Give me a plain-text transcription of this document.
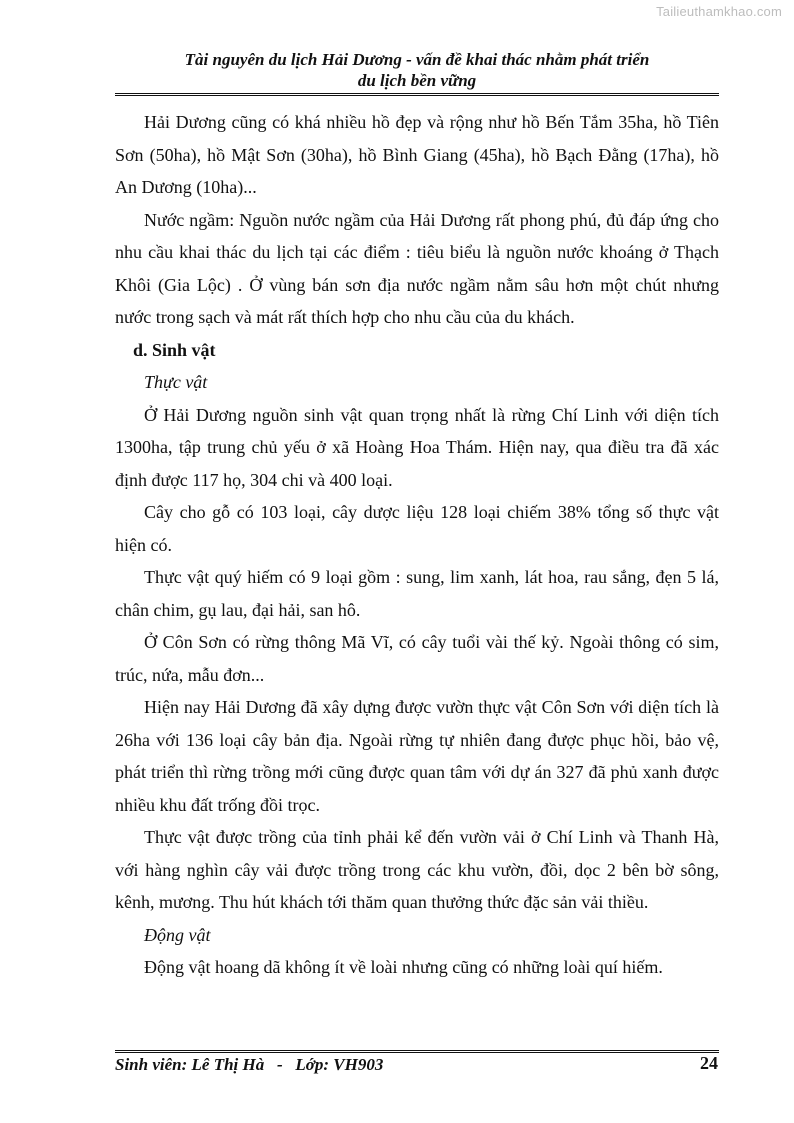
Tailieuthamkhao.com
Tài nguyên du lịch Hải Dương - vấn đề khai thác nhằm phát triển
du lịch bền vững

Hải Dương cũng có khá nhiều hồ đẹp và rộng như hồ Bến Tắm 35ha, hồ Tiên Sơn (50ha), hồ Mật Sơn (30ha), hồ Bình Giang (45ha), hồ Bạch Đằng (17ha), hồ An Dương (10ha)...

Nước ngầm: Nguồn nước ngầm của Hải Dương rất phong phú, đủ đáp ứng cho nhu cầu khai thác du lịch tại các điểm : tiêu biểu là nguồn nước khoáng ở Thạch Khôi (Gia Lộc) . Ở vùng bán sơn địa nước ngầm nằm sâu hơn một chút nhưng nước trong sạch và mát rất thích hợp cho nhu cầu của du khách.

d. Sinh vật

Thực vật

Ở Hải Dương nguồn sinh vật quan trọng nhất là rừng Chí Linh với diện tích 1300ha, tập trung chủ yếu ở xã Hoàng Hoa Thám. Hiện nay, qua điều tra đã xác định được 117 họ, 304 chi và 400 loại.

Cây cho gỗ có 103 loại, cây dược liệu 128 loại chiếm 38% tổng số thực vật hiện có.

Thực vật quý hiếm có 9 loại gồm : sung, lim xanh, lát hoa, rau sắng, đẹn 5 lá, chân chim, gụ lau, đại hải, san hô.

Ở Côn Sơn có rừng thông Mã Vĩ, có cây tuổi vài thế kỷ. Ngoài thông có sim, trúc, nứa, mẫu đơn...

Hiện nay Hải Dương đã xây dựng được vườn thực vật Côn Sơn với diện tích là 26ha với 136 loại cây bản địa. Ngoài rừng tự nhiên đang được phục hồi, bảo vệ, phát triển thì rừng trồng mới cũng được quan tâm với dự án 327 đã phủ xanh được nhiều khu đất trống đồi trọc.

Thực vật được trồng của tỉnh phải kể đến vườn vải ở Chí Linh và Thanh Hà, với hàng nghìn cây vải được trồng trong các khu vườn, đồi, dọc 2 bên bờ sông, kênh, mương. Thu hút khách tới thăm quan thưởng thức đặc sản vải thiều.

Động vật

Động vật hoang dã không ít về loài nhưng cũng có những loài quí hiếm.

Sinh viên: Lê Thị Hà   -   Lớp: VH903	24
